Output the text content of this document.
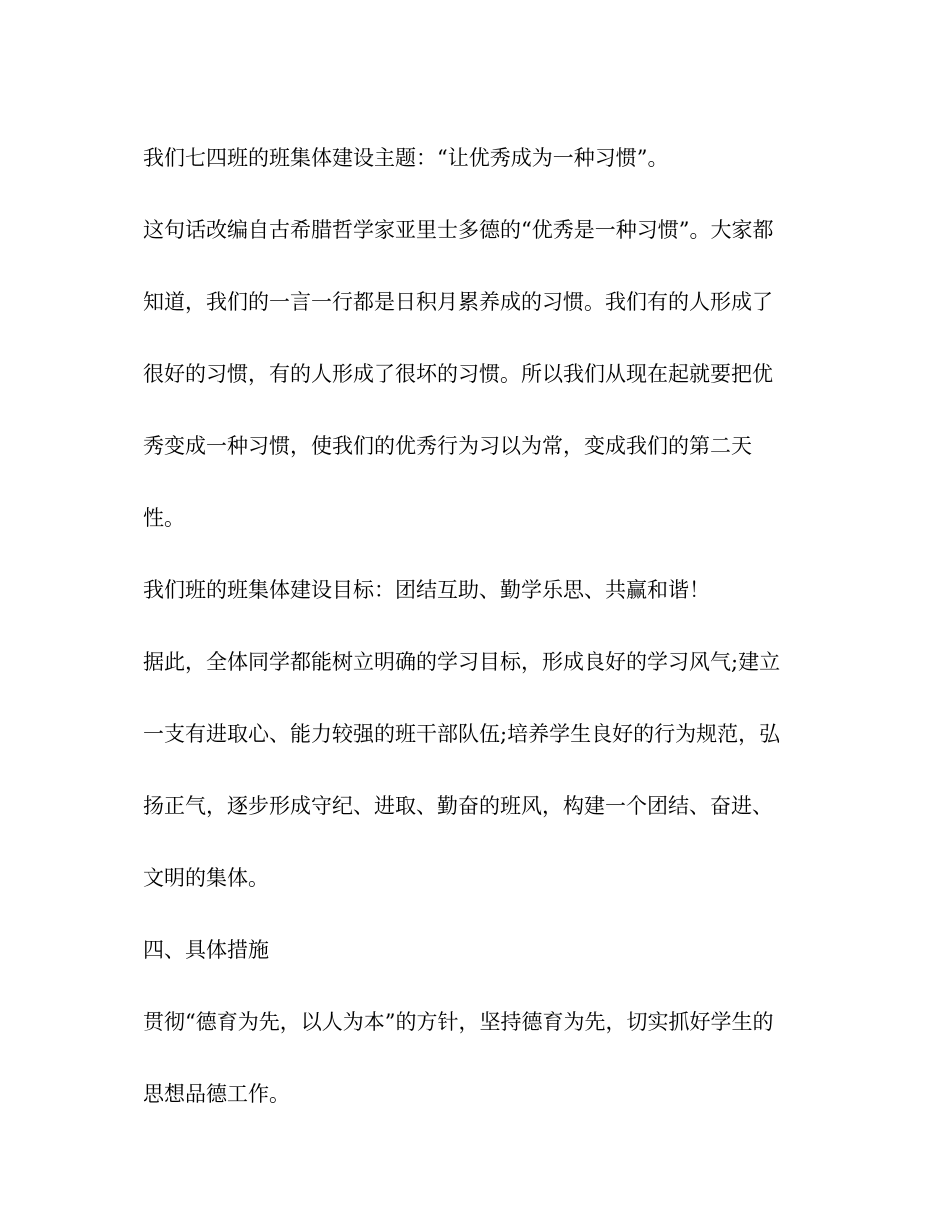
我们七四班的班集体建设主题：“让优秀成为一种习惯”。
这句话改编自古希腊哲学家亚里士多德的“优秀是一种习惯”。大家都
知道，我们的一言一行都是日积月累养成的习惯。我们有的人形成了
很好的习惯，有的人形成了很坏的习惯。所以我们从现在起就要把优
秀变成一种习惯，使我们的优秀行为习以为常，变成我们的第二天
性。
我们班的班集体建设目标：团结互助、勤学乐思、共赢和谐！
据此，全体同学都能树立明确的学习目标，形成良好的学习风气;建立
一支有进取心、能力较强的班干部队伍;培养学生良好的行为规范，弘
扬正气，逐步形成守纪、进取、勤奋的班风，构建一个团结、奋进、
文明的集体。
四、具体措施
贯彻“德育为先，以人为本”的方针，坚持德育为先，切实抓好学生的
思想品德工作。
